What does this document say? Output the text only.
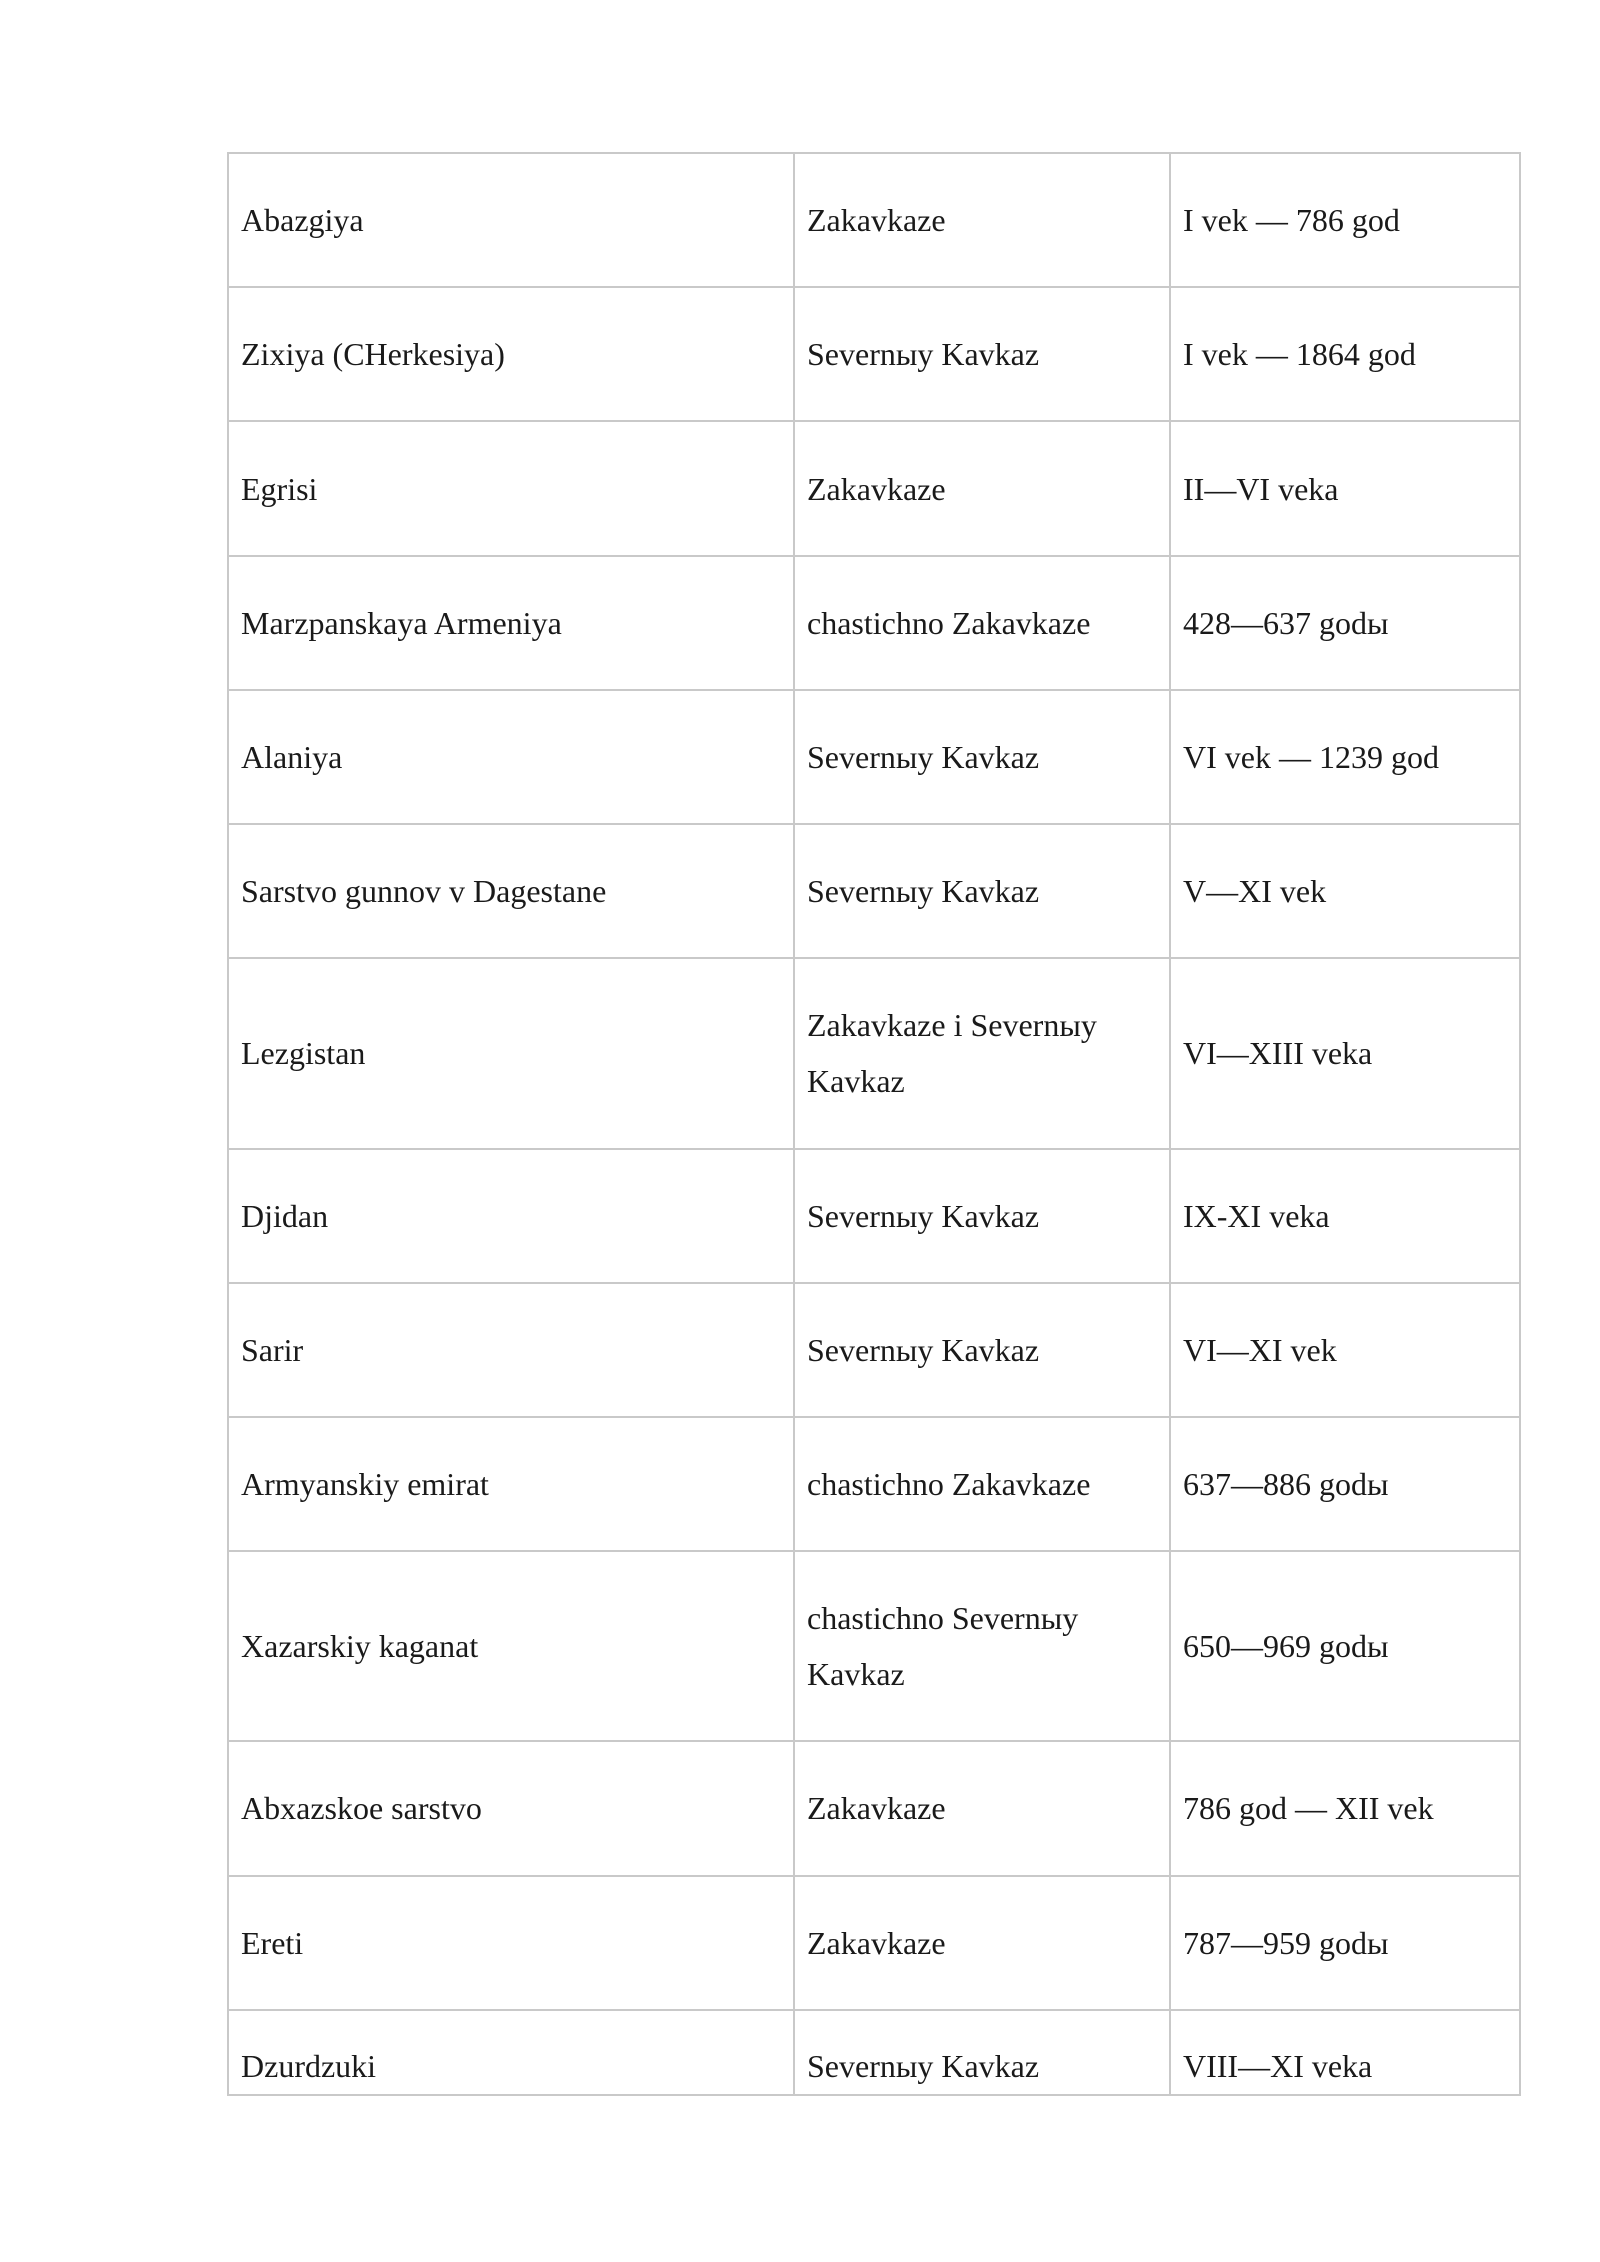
Abazgiya	Zakavkaze	I vek — 786 god
Zixiya (CHerkesiya)	Severnыy Kavkaz	I vek — 1864 god
Egrisi	Zakavkaze	II—VI veka
Marzpanskaya Armeniya	chastichno Zakavkaze	428—637 godы
Alaniya	Severnыy Kavkaz	VI vek — 1239 god
Sarstvo gunnov v Dagestane	Severnыy Kavkaz	V—XI vek
Lezgistan	Zakavkaze i Severnыy Kavkaz	VI—XIII veka
Djidan	Severnыy Kavkaz	IX-XI veka
Sarir	Severnыy Kavkaz	VI—XI vek
Armyanskiy emirat	chastichno Zakavkaze	637—886 godы
Xazarskiy kaganat	chastichno Severnыy Kavkaz	650—969 godы
Abxazskoe sarstvo	Zakavkaze	786 god — XII vek
Ereti	Zakavkaze	787—959 godы
Dzurdzuki	Severnыy Kavkaz	VIII—XI veka
